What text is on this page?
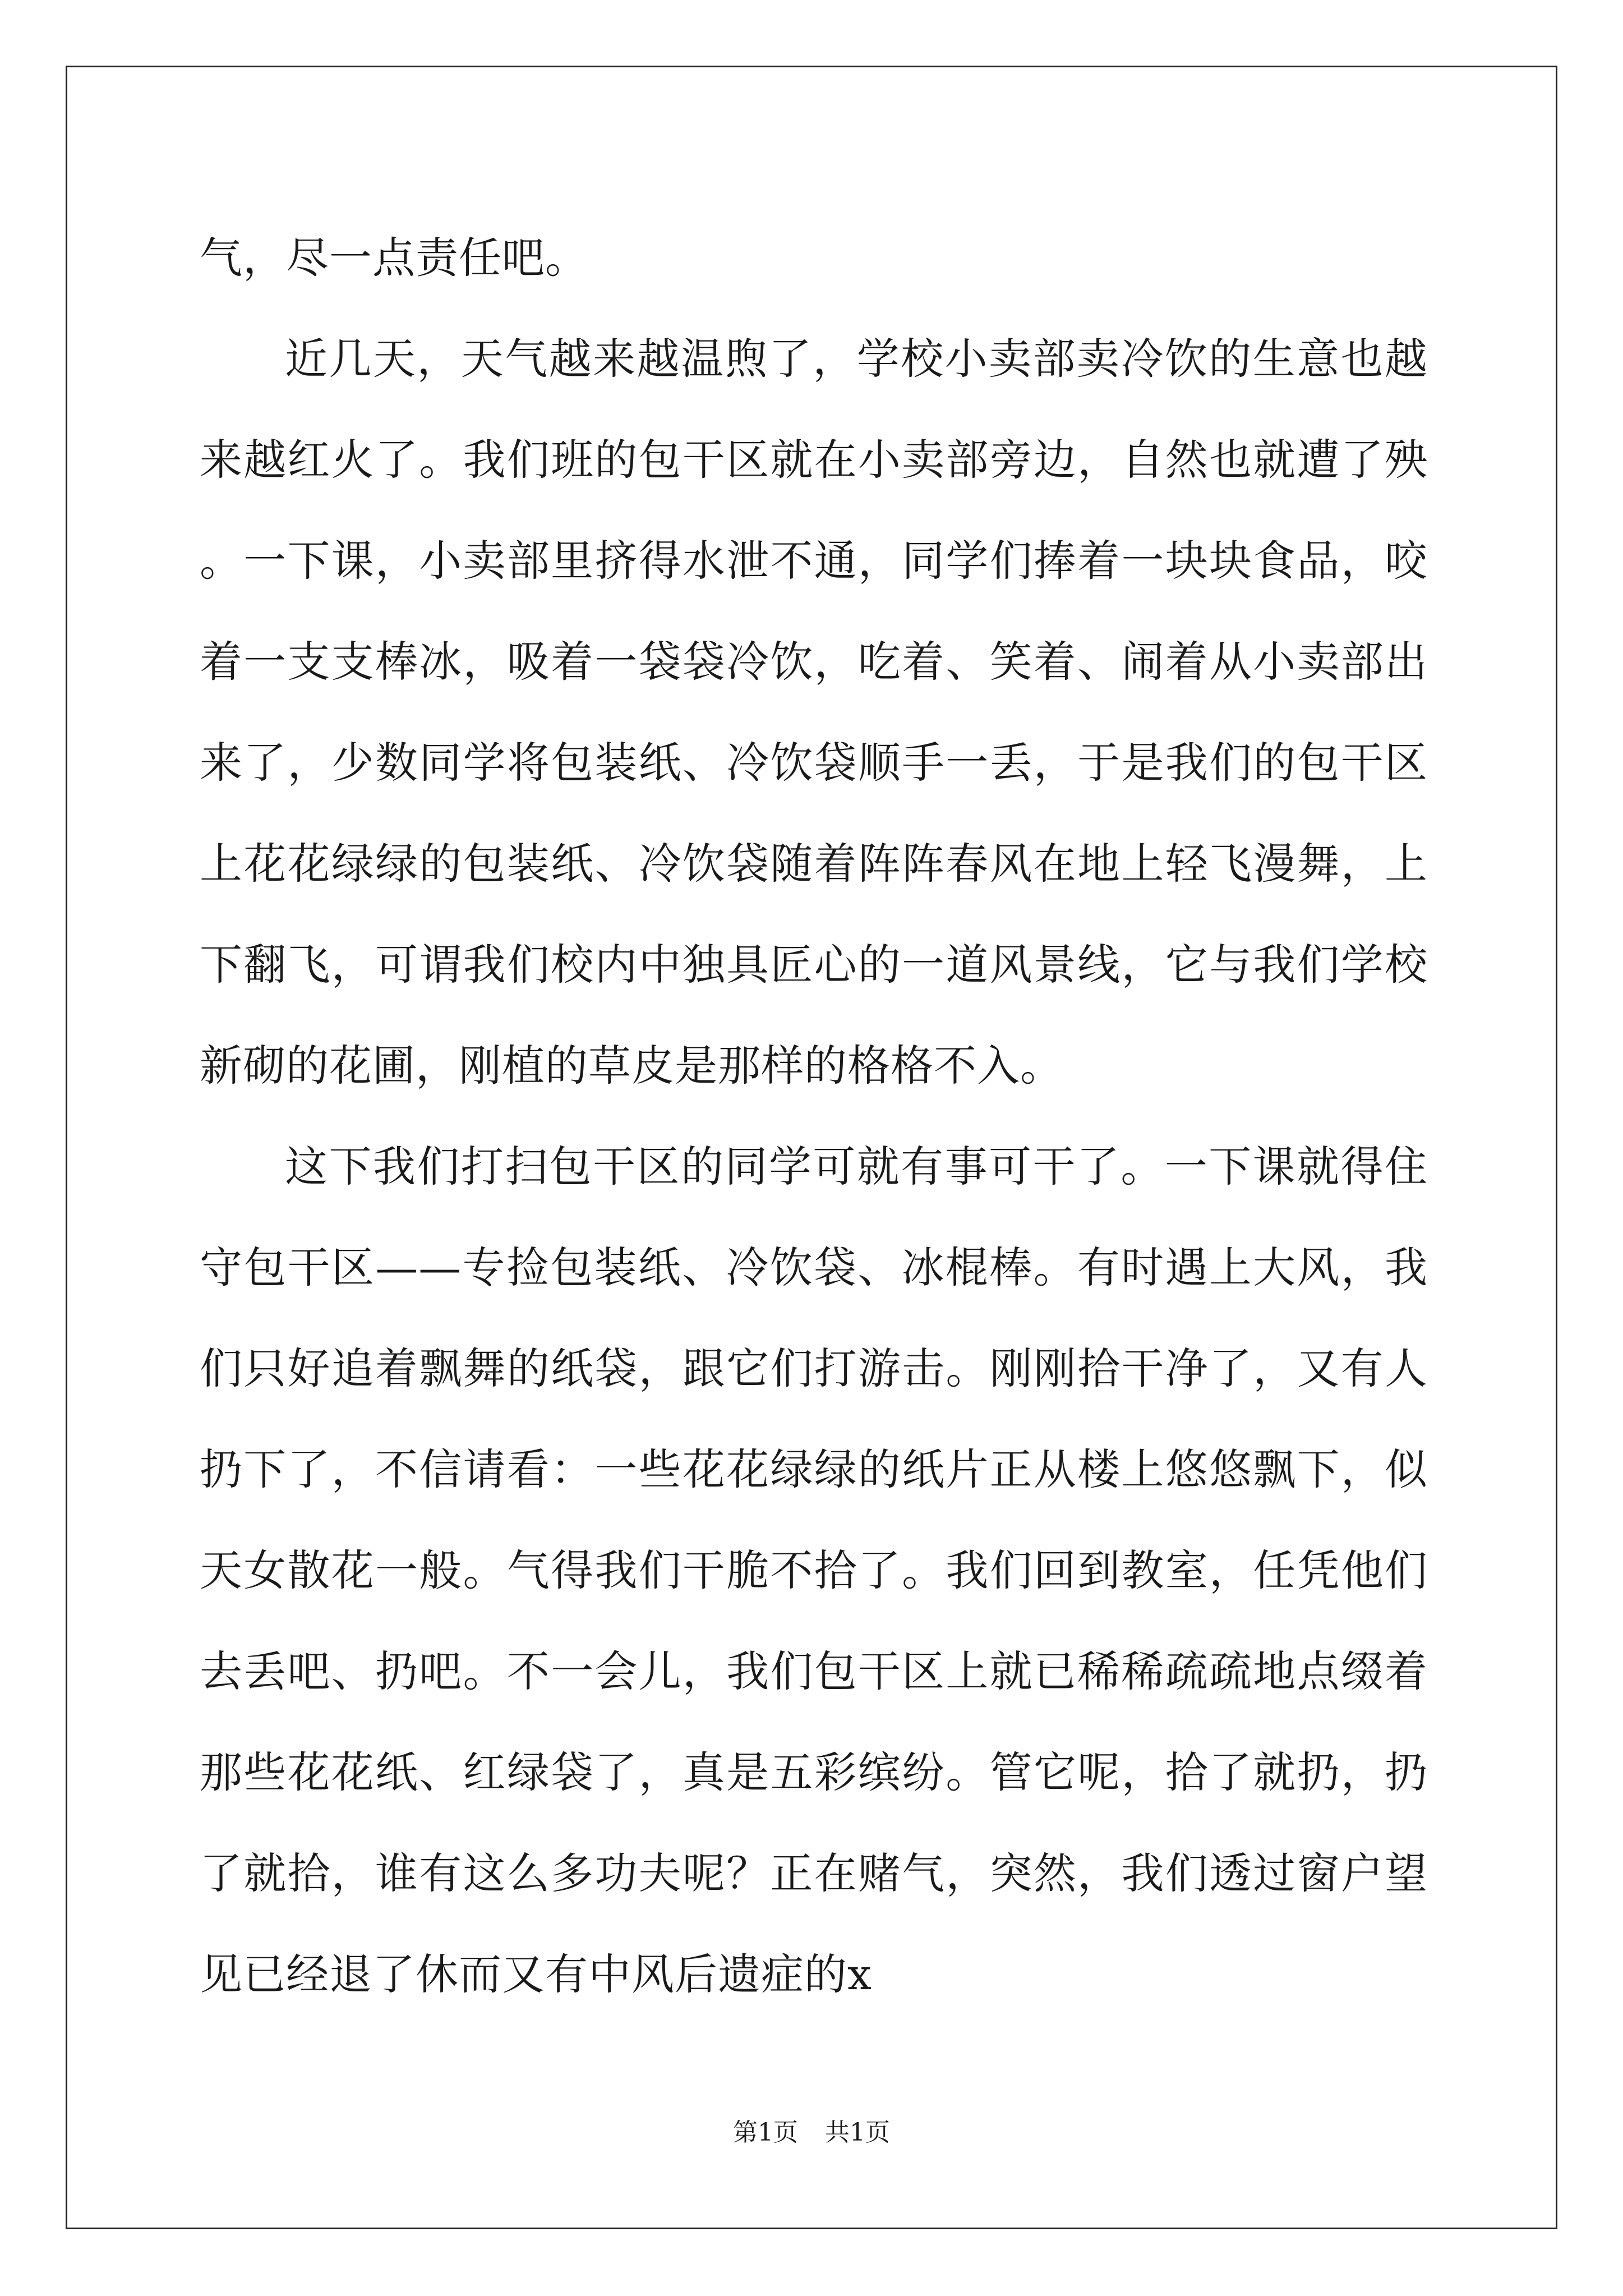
气，尽一点责任吧。

近几天，天气越来越温煦了，学校小卖部卖冷饮的生意也越来越红火了。我们班的包干区就在小卖部旁边，自然也就遭了殃。一下课，小卖部里挤得水泄不通，同学们捧着一块块食品，咬着一支支棒冰，吸着一袋袋冷饮，吃着、笑着、闹着从小卖部出来了，少数同学将包装纸、冷饮袋顺手一丢，于是我们的包干区上花花绿绿的包装纸、冷饮袋随着阵阵春风在地上轻飞漫舞，上下翻飞，可谓我们校内中独具匠心的一道风景线，它与我们学校新砌的花圃，刚植的草皮是那样的格格不入。

这下我们打扫包干区的同学可就有事可干了。一下课就得住守包干区——专捡包装纸、冷饮袋、冰棍棒。有时遇上大风，我们只好追着飘舞的纸袋，跟它们打游击。刚刚拾干净了，又有人扔下了，不信请看：一些花花绿绿的纸片正从楼上悠悠飘下，似天女散花一般。气得我们干脆不拾了。我们回到教室，任凭他们去丢吧、扔吧。不一会儿，我们包干区上就已稀稀疏疏地点缀着那些花花纸、红绿袋了，真是五彩缤纷。管它呢，拾了就扔，扔了就拾，谁有这么多功夫呢？正在赌气，突然，我们透过窗户望见已经退了休而又有中风后遗症的x

第1页 共1页
